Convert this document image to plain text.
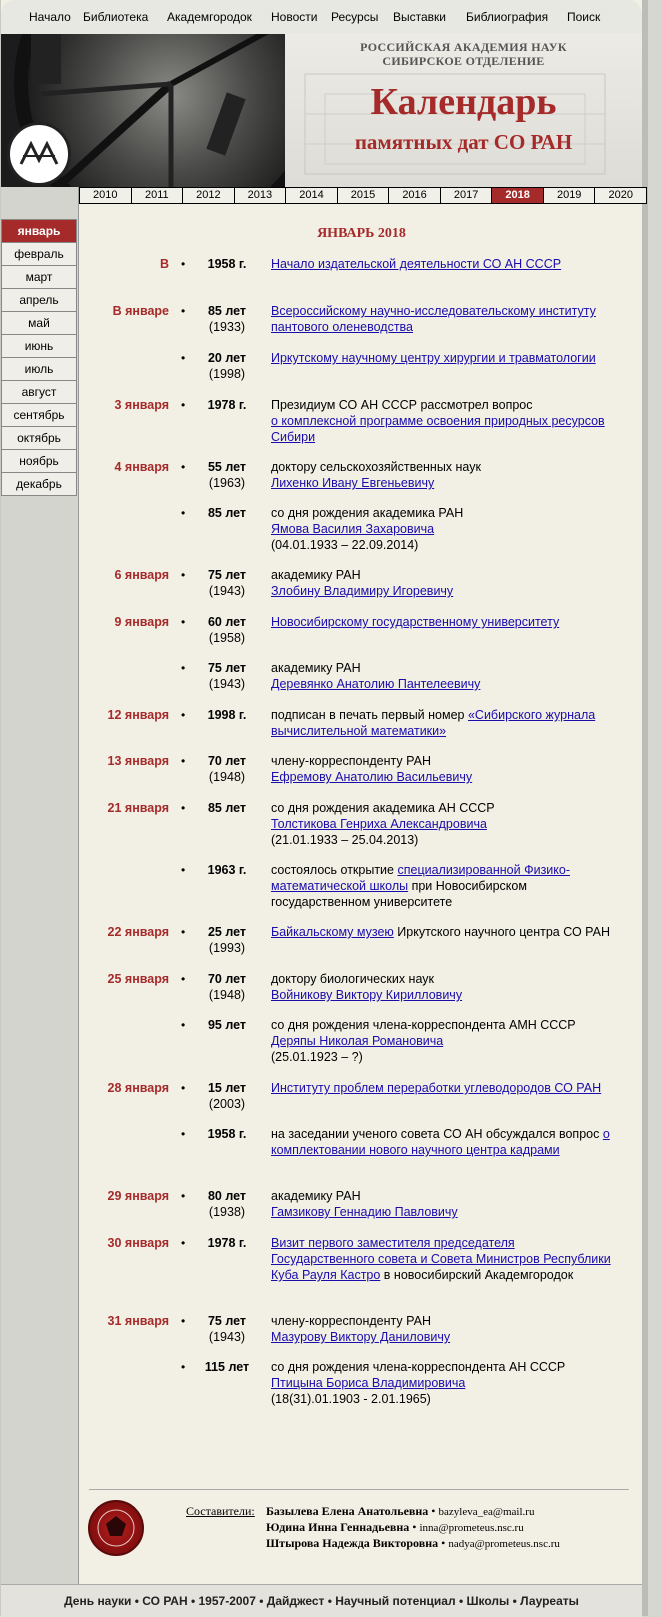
Начало Библиотека Академгородок Новости Ресурсы Выставки Библиография Поиск
РОССИЙСКАЯ АКАДЕМИЯ НАУК
СИБИРСКОЕ ОТДЕЛЕНИЕ
Календарь
памятных дат СО РАН
январь
февраль
март
апрель
май
июнь
июль
август
сентябрь
октябрь
ноябрь
декабрь
2010	2011	2012	2013	2014	2015	2016	2017	2018	2019	2020
ЯНВАРЬ 2018
В •	1958 г.	Начало издательской деятельности СО АН СССР
В январе •	85 лет
(1933)
Всероссийскому научно-исследовательскому институту пантового оленеводства
•	20 лет
(1998)
Иркутскому научному центру хирургии и травматологии
3 января •	1978 г.	Президиум СО АН СССР рассмотрел вопрос
о комплексной программе освоения природных ресурсов Сибири
4 января •	55 лет
(1963)
доктору сельскохозяйственных наук
Лихенко Ивану Евгеньевичу
•	85 лет	со дня рождения академика РАН
Ямова Василия Захаровича
(04.01.1933 – 22.09.2014)
6 января •	75 лет
(1943)
академику РАН
Злобину Владимиру Игоревичу
9 января •	60 лет
(1958)
Новосибирскому государственному университету
•	75 лет
(1943)
академику РАН
Деревянко Анатолию Пантелеевичу
12 января •	1998 г.	подписан в печать первый номер «Сибирского журнала вычислительной математики»
13 января •	70 лет
(1948)
члену-корреспонденту РАН
Ефремову Анатолию Васильевичу
21 января •	85 лет	со дня рождения академика АН СССР
Толстикова Генриха Александровича
(21.01.1933 – 25.04.2013)
•	1963 г.	состоялось открытие специализированной Физико-математической школы при Новосибирском государственном университете
22 января •	25 лет
(1993)
Байкальскому музею Иркутского научного центра СО РАН
25 января •	70 лет
(1948)
доктору биологических наук
Войникову Виктору Кирилловичу
•	95 лет	со дня рождения члена-корреспондента АМН СССР
Деряпы Николая Романовича
(25.01.1923 – ?)
28 января •	15 лет
(2003)
Институту проблем переработки углеводородов СО РАН
•	1958 г.	на заседании ученого совета СО АН обсуждался вопрос о комплектовании нового научного центра кадрами
29 января •	80 лет
(1938)
академику РАН
Гамзикову Геннадию Павловичу
30 января •	1978 г.	Визит первого заместителя председателя Государственного совета и Совета Министров Республики Куба Рауля Кастро в новосибирский Академгородок
31 января •	75 лет
(1943)
члену-корреспонденту РАН
Мазурову Виктору Даниловичу
•	115 лет	со дня рождения члена-корреспондента АН СССР
Птицына Бориса Владимировича
(18(31).01.1903 - 2.01.1965)
Составители: Базылева Елена Анатольевна • bazyleva_ea@mail.ru
Юдина Инна Геннадьевна • inna@prometeus.nsc.ru
Штырова Надежда Викторовна • nadya@prometeus.nsc.ru
День науки • СО РАН • 1957-2007 • Дайджест • Научный потенциал • Школы • Лауреаты
